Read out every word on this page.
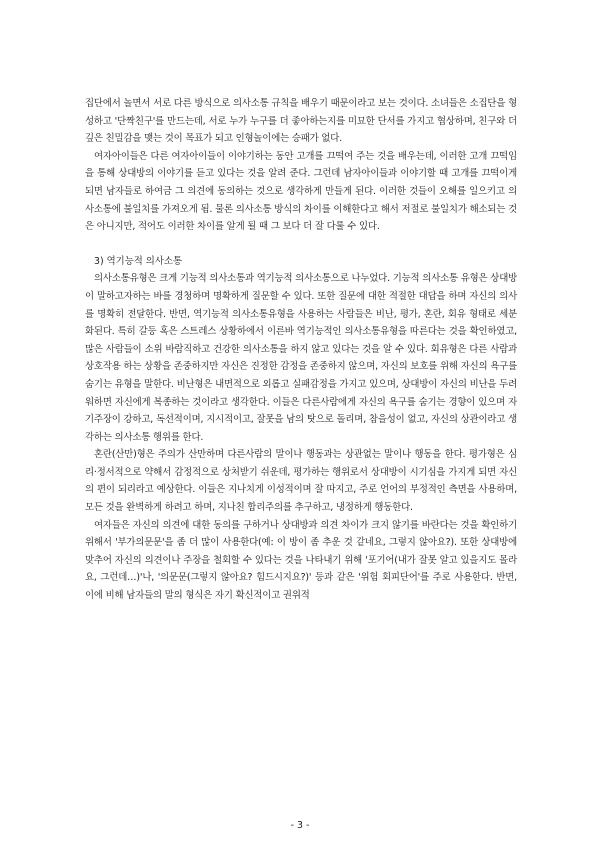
집단에서 놀면서 서로 다른 방식으로 의사소통 규칙을 배우기 때문이라고 보는 것이다. 소녀들은 소집단을 형성하고 '단짝친구'를 만드는데, 서로 누가 누구를 더 좋아하는지를 미묘한 단서를 가지고 협상하며, 친구와 더 깊은 친밀감을 맺는 것이 목표가 되고 인형놀이에는 승패가 없다.

여자아이들은 다른 여자아이들이 이야기하는 동안 고개를 끄떡여 주는 것을 배우는데, 이러한 고개 끄떡임을 통해 상대방의 이야기를 듣고 있다는 것을 알려 준다. 그런데 남자아이들과 이야기할 때 고개를 끄떡이게 되면 남자들로 하여금 그 의견에 동의하는 것으로 생각하게 만들게 된다. 이러한 것들이 오해를 일으키고 의사소통에 불일치를 가져오게 됨. 물론 의사소통 방식의 차이를 이해한다고 해서 저절로 불일치가 해소되는 것은 아니지만, 적어도 이러한 차이를 알게 될 때 그 보다 더 잘 다룰 수 있다.

3) 역기능적 의사소통

의사소통유형은 크게 기능적 의사소통과 역기능적 의사소통으로 나누었다. 기능적 의사소통 유형은 상대방이 말하고자하는 바를 경청하며 명확하게 질문할 수 있다. 또한 질문에 대한 적절한 대답을 하며 자신의 의사를 명확히 전달한다. 반면, 역기능적 의사소통유형을 사용하는 사람들은 비난, 평가, 혼란, 회유 형태로 세분화된다. 특히 갈등 혹은 스트레스 상황하에서 이른바 역기능적인 의사소통유형을 따른다는 것을 확인하였고, 많은 사람들이 소위 바람직하고 건강한 의사소통을 하지 않고 있다는 것을 알 수 있다. 회유형은 다른 사람과 상호작용 하는 상황을 존중하지만 자신은 진정한 감정을 존중하지 않으며, 자신의 보호를 위해 자신의 욕구를 숨기는 유형을 말한다. 비난형은 내면적으로 외롭고 실패감정을 가지고 있으며, 상대방이 자신의 비난을 두려워하면 자신에게 복종하는 것이라고 생각한다. 이들은 다른사람에게 자신의 욕구를 숨기는 경향이 있으며 자기주장이 강하고, 독선적이며, 지시적이고, 잘못을 남의 탓으로 돌리며, 참을성이 없고, 자신의 상관이라고 생각하는 의사소통 행위를 한다.

혼란(산만)형은 주의가 산만하며 다른사람의 말이나 행동과는 상관없는 말이나 행동을 한다. 평가형은 심리·정서적으로 약해서 감정적으로 상처받기 쉬운데, 평가하는 행위로서 상대방이 시기심을 가지게 되면 자신의 편이 되리라고 예상한다. 이들은 지나치게 이성적이며 잘 따지고, 주로 언어의 부정적인 측면을 사용하며, 모든 것을 완벽하게 하려고 하며, 지나친 합리주의를 추구하고, 냉정하게 행동한다.

여자들은 자신의 의견에 대한 동의를 구하거나 상대방과 의견 차이가 크지 않기를 바란다는 것을 확인하기 위해서 '부가의문문'을 좀 더 많이 사용한다(예: 이 방이 좀 추운 것 같네요, 그렇지 않아요?). 또한 상대방에 맞추어 자신의 의견이나 주장을 철회할 수 있다는 것을 나타내기 위해 '포기어(내가 잘못 알고 있을지도 몰라요, 그런데…)'나, '의문문(그렇지 않아요? 힘드시지요?)' 등과 같은 '위험 회피단어'를 주로 사용한다. 반면, 이에 비해 남자들의 말의 형식은 자기 확신적이고 권위적

- 3 -
